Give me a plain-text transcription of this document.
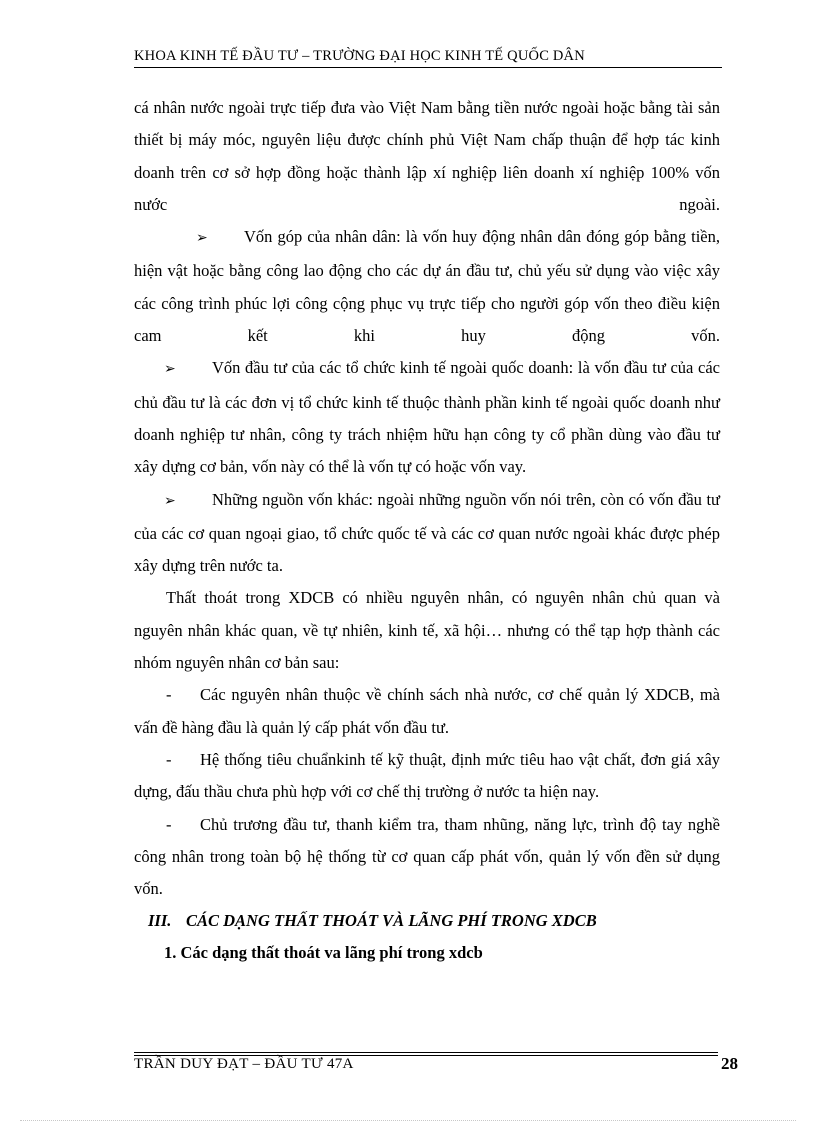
KHOA KINH TẾ ĐẦU TƯ – TRƯỜNG ĐẠI HỌC KINH TẾ QUỐC DÂN

cá nhân nước ngoài trực tiếp đưa vào Việt Nam bằng tiền nước ngoài hoặc bằng tài sản thiết bị máy móc, nguyên liệu được chính phủ Việt Nam chấp thuận để hợp tác kinh doanh trên cơ sở hợp đồng hoặc thành lập xí nghiệp liên doanh xí nghiệp 100% vốn nước ngoài.

➢ Vốn góp của nhân dân: là vốn huy động nhân dân đóng góp bằng tiền, hiện vật hoặc bằng công lao động cho các dự án đầu tư, chủ yếu sử dụng vào việc xây các công trình phúc lợi công cộng phục vụ trực tiếp cho người góp vốn theo điều kiện cam kết khi huy động vốn.

➢ Vốn đầu tư của các tổ chức kinh tế ngoài quốc doanh: là vốn đầu tư của các chủ đầu tư là các đơn vị tổ chức kinh tế thuộc thành phần kinh tế ngoài quốc doanh như doanh nghiệp tư nhân, công ty trách nhiệm hữu hạn công ty cổ phần dùng vào đầu tư xây dựng cơ bản, vốn này có thể là vốn tự có hoặc vốn vay.

➢ Những nguồn vốn khác: ngoài những nguồn vốn nói trên, còn có vốn đầu tư của các cơ quan ngoại giao, tổ chức quốc tế và các cơ quan nước ngoài khác được phép xây dựng trên nước ta.

Thất thoát trong XDCB có nhiều nguyên nhân, có nguyên nhân chủ quan và nguyên nhân khác quan, về tự nhiên, kinh tế, xã hội… nhưng có thể tạp hợp thành các nhóm nguyên nhân cơ bản sau:

- Các nguyên nhân thuộc về chính sách nhà nước, cơ chế quản lý XDCB, mà vấn đề hàng đầu là quản lý cấp phát vốn đầu tư.

- Hệ thống tiêu chuẩnkinh tế kỹ thuật, định mức tiêu hao vật chất, đơn giá xây dựng, đấu thầu chưa phù hợp với cơ chế thị trường ở nước ta hiện nay.

- Chủ trương đầu tư, thanh kiểm tra, tham nhũng, năng lực, trình độ tay nghề công nhân trong toàn bộ hệ thống từ cơ quan cấp phát vốn, quản lý vốn đền sử dụng vốn.

III. CÁC DẠNG THẤT THOÁT VÀ LÃNG PHÍ TRONG XDCB

1. Các dạng thất thoát va lãng phí trong xdcb

TRẦN DUY ĐẠT – ĐẦU TƯ 47A	28
